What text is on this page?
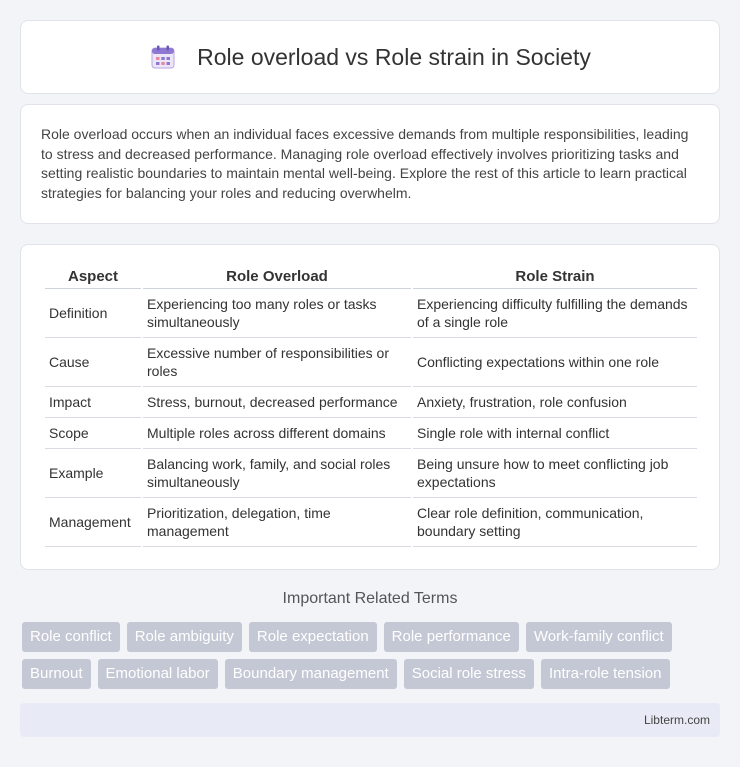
Role overload vs Role strain in Society

Role overload occurs when an individual faces excessive demands from multiple responsibilities, leading to stress and decreased performance. Managing role overload effectively involves prioritizing tasks and setting realistic boundaries to maintain mental well-being. Explore the rest of this article to learn practical strategies for balancing your roles and reducing overwhelm.

Aspect	Role Overload	Role Strain
Definition	Experiencing too many roles or tasks simultaneously	Experiencing difficulty fulfilling the demands of a single role
Cause	Excessive number of responsibilities or roles	Conflicting expectations within one role
Impact	Stress, burnout, decreased performance	Anxiety, frustration, role confusion
Scope	Multiple roles across different domains	Single role with internal conflict
Example	Balancing work, family, and social roles simultaneously	Being unsure how to meet conflicting job expectations
Management	Prioritization, delegation, time management	Clear role definition, communication, boundary setting
Important Related Terms
Role conflict	Role ambiguity	Role expectation	Role performance	Work-family conflict
Burnout	Emotional labor	Boundary management	Social role stress	Intra-role tension
Libterm.com
